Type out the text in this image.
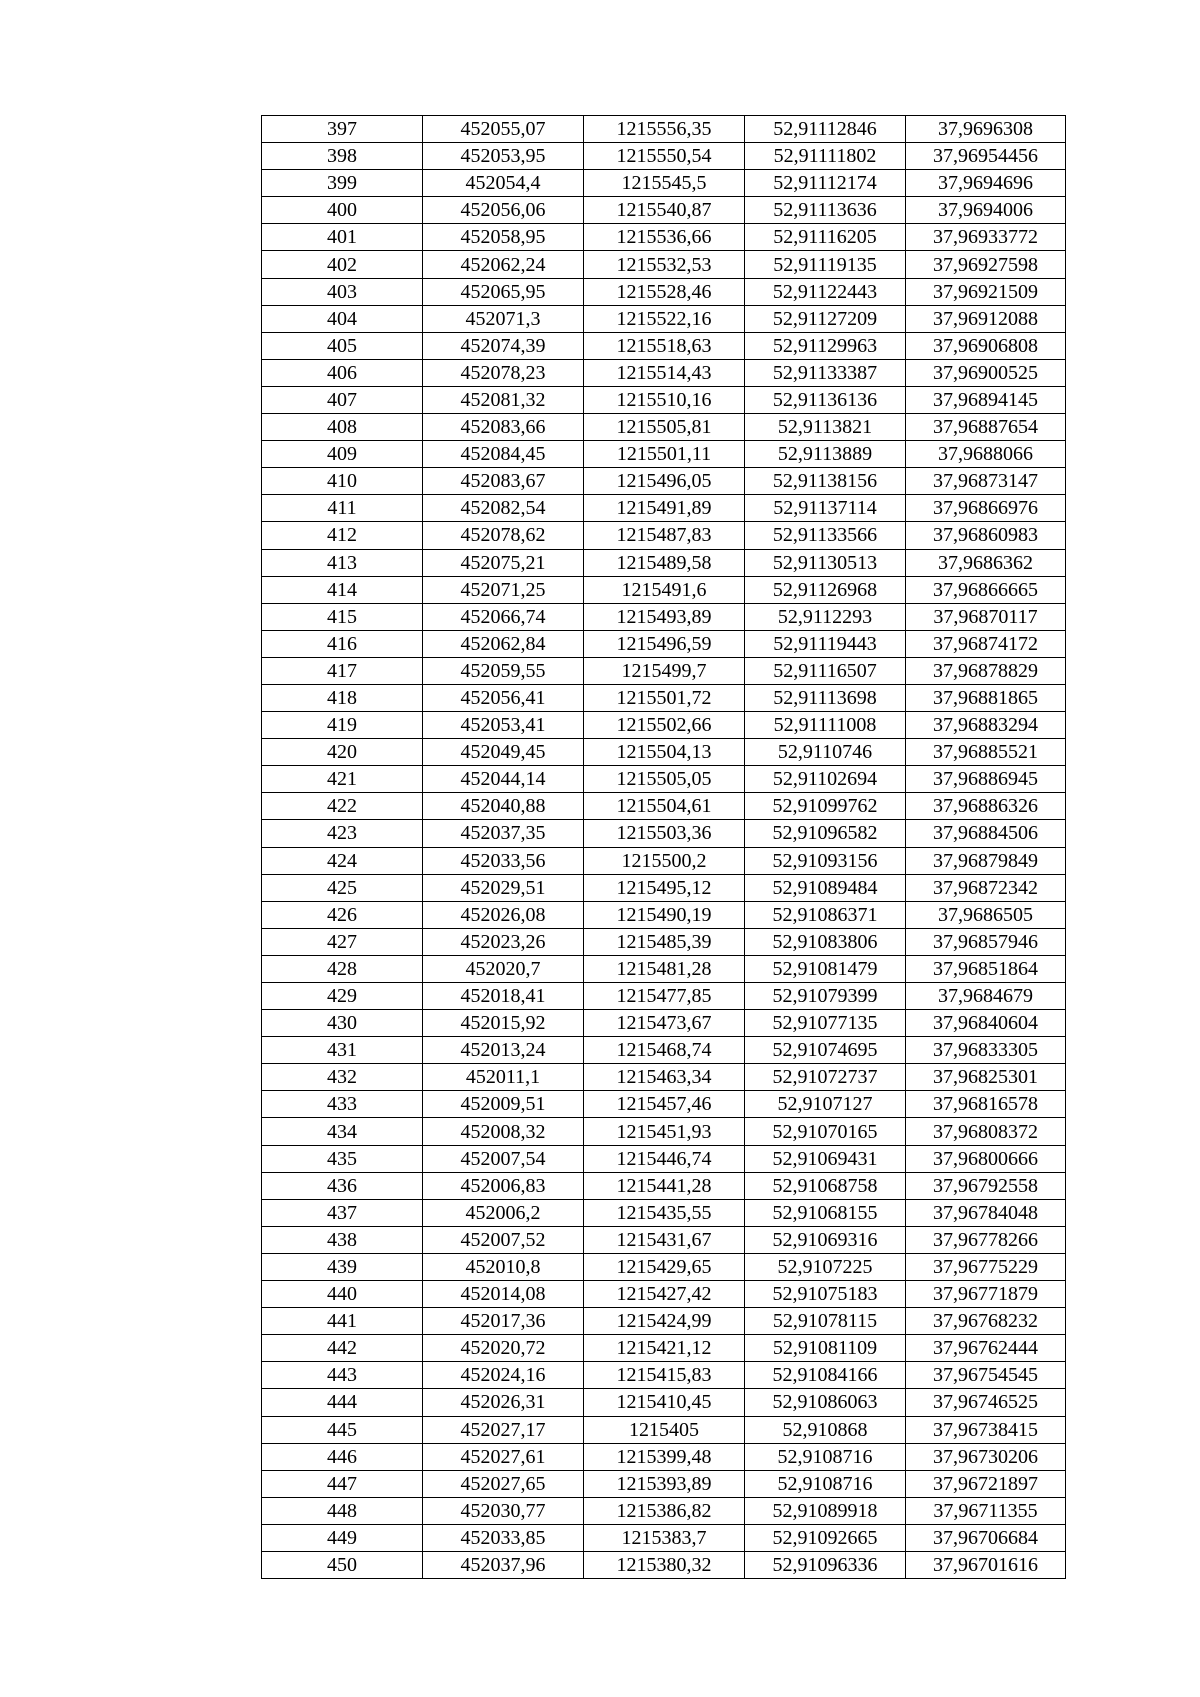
397	452055,07	1215556,35	52,91112846	37,9696308
398	452053,95	1215550,54	52,91111802	37,96954456
399	452054,4	1215545,5	52,91112174	37,9694696
400	452056,06	1215540,87	52,91113636	37,9694006
401	452058,95	1215536,66	52,91116205	37,96933772
402	452062,24	1215532,53	52,91119135	37,96927598
403	452065,95	1215528,46	52,91122443	37,96921509
404	452071,3	1215522,16	52,91127209	37,96912088
405	452074,39	1215518,63	52,91129963	37,96906808
406	452078,23	1215514,43	52,91133387	37,96900525
407	452081,32	1215510,16	52,91136136	37,96894145
408	452083,66	1215505,81	52,9113821	37,96887654
409	452084,45	1215501,11	52,9113889	37,9688066
410	452083,67	1215496,05	52,91138156	37,96873147
411	452082,54	1215491,89	52,91137114	37,96866976
412	452078,62	1215487,83	52,91133566	37,96860983
413	452075,21	1215489,58	52,91130513	37,9686362
414	452071,25	1215491,6	52,91126968	37,96866665
415	452066,74	1215493,89	52,9112293	37,96870117
416	452062,84	1215496,59	52,91119443	37,96874172
417	452059,55	1215499,7	52,91116507	37,96878829
418	452056,41	1215501,72	52,91113698	37,96881865
419	452053,41	1215502,66	52,91111008	37,96883294
420	452049,45	1215504,13	52,9110746	37,96885521
421	452044,14	1215505,05	52,91102694	37,96886945
422	452040,88	1215504,61	52,91099762	37,96886326
423	452037,35	1215503,36	52,91096582	37,96884506
424	452033,56	1215500,2	52,91093156	37,96879849
425	452029,51	1215495,12	52,91089484	37,96872342
426	452026,08	1215490,19	52,91086371	37,9686505
427	452023,26	1215485,39	52,91083806	37,96857946
428	452020,7	1215481,28	52,91081479	37,96851864
429	452018,41	1215477,85	52,91079399	37,9684679
430	452015,92	1215473,67	52,91077135	37,96840604
431	452013,24	1215468,74	52,91074695	37,96833305
432	452011,1	1215463,34	52,91072737	37,96825301
433	452009,51	1215457,46	52,9107127	37,96816578
434	452008,32	1215451,93	52,91070165	37,96808372
435	452007,54	1215446,74	52,91069431	37,96800666
436	452006,83	1215441,28	52,91068758	37,96792558
437	452006,2	1215435,55	52,91068155	37,96784048
438	452007,52	1215431,67	52,91069316	37,96778266
439	452010,8	1215429,65	52,9107225	37,96775229
440	452014,08	1215427,42	52,91075183	37,96771879
441	452017,36	1215424,99	52,91078115	37,96768232
442	452020,72	1215421,12	52,91081109	37,96762444
443	452024,16	1215415,83	52,91084166	37,96754545
444	452026,31	1215410,45	52,91086063	37,96746525
445	452027,17	1215405	52,910868	37,96738415
446	452027,61	1215399,48	52,9108716	37,96730206
447	452027,65	1215393,89	52,9108716	37,96721897
448	452030,77	1215386,82	52,91089918	37,96711355
449	452033,85	1215383,7	52,91092665	37,96706684
450	452037,96	1215380,32	52,91096336	37,96701616
